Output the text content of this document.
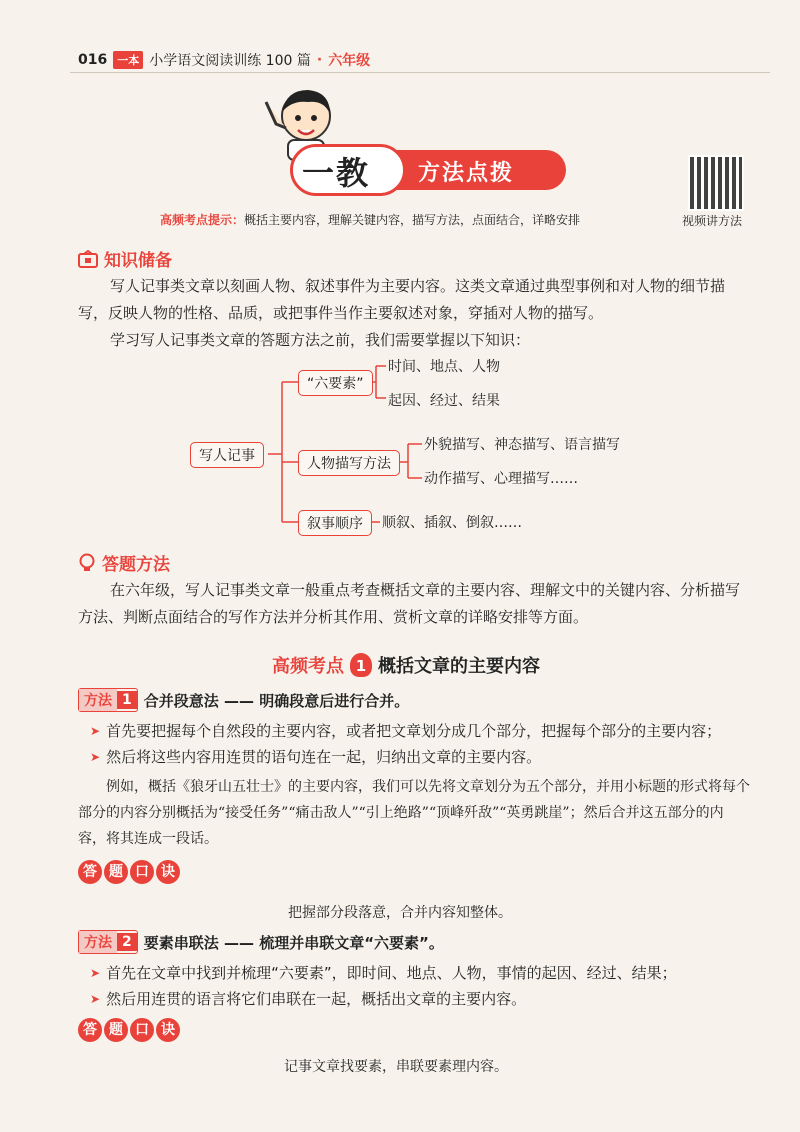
016 一本 小学语文阅读训练 100 篇 · 六年级
一教 方法点拨
视频讲方法
高频考点提示：概括主要内容，理解关键内容，描写方法，点面结合，详略安排
知识储备
写人记事类文章以刻画人物、叙述事件为主要内容。这类文章通过典型事例和对人物的细节描写，反映人物的性格、品质，或把事件当作主要叙述对象，穿插对人物的描写。
学习写人记事类文章的答题方法之前，我们需要掌握以下知识：
写人记事
“六要素”
时间、地点、人物
起因、经过、结果
人物描写方法
外貌描写、神态描写、语言描写
动作描写、心理描写……
叙事顺序	顺叙、插叙、倒叙……
答题方法
在六年级，写人记事类文章一般重点考查概括文章的主要内容、理解文中的关键内容、分析描写方法、判断点面结合的写作方法并分析其作用、赏析文章的详略安排等方面。
高频考点 1 概括文章的主要内容
方法 1 合并段意法 —— 明确段意后进行合并。
➤ 首先要把握每个自然段的主要内容，或者把文章划分成几个部分，把握每个部分的主要内容；
➤ 然后将这些内容用连贯的语句连在一起，归纳出文章的主要内容。
例如，概括《狼牙山五壮士》的主要内容，我们可以先将文章划分为五个部分，并用小标题的形式将每个部分的内容分别概括为“接受任务”“痛击敌人”“引上绝路”“顶峰歼敌”“英勇跳崖”；然后合并这五部分的内容，将其连成一段话。
答 题 口 诀
把握部分段落意，合并内容知整体。
方法 2 要素串联法 —— 梳理并串联文章“六要素”。
➤ 首先在文章中找到并梳理“六要素”，即时间、地点、人物，事情的起因、经过、结果；
➤ 然后用连贯的语言将它们串联在一起，概括出文章的主要内容。
答 题 口 诀
记事文章找要素，串联要素理内容。
